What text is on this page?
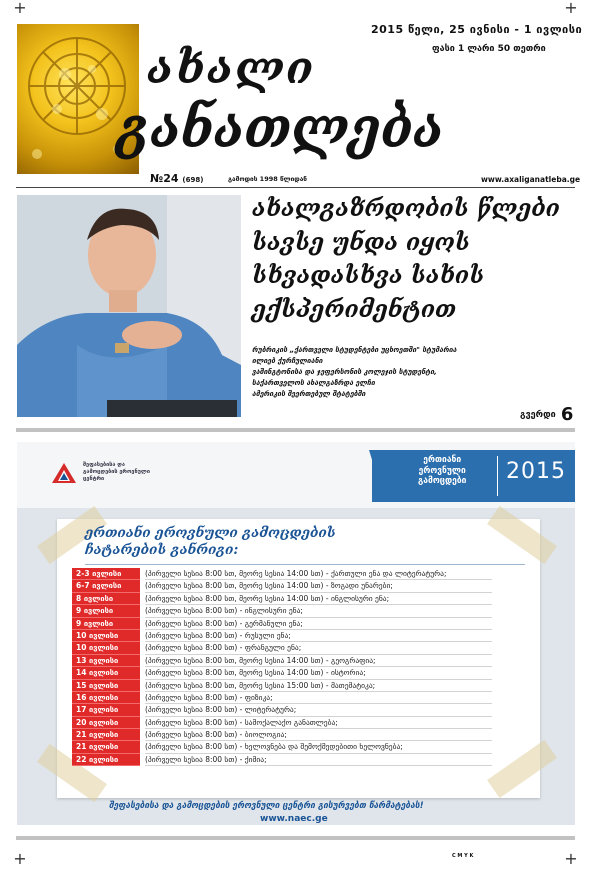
+	+
+	+
2015 წელი, 25 ივნისი - 1 ივლისი
ფასი 1 ლარი 50 თეთრი
ახალი
განათლება
№24 (698)	გამოდის 1998 წლიდან	www.axaliganatleba.ge
ახალგაზრდობის წლები
სავსე უნდა იყოს
სხვადასხვა სახის
ექსპერიმენტით
რუბრიკის „ქართველი სტუდენტები უცხოეთში" სტუმარია
ილიებ ქურჩულიანი
ვაშინგტონისა და ჯეფერსონის კოლეჯის სტუდენტი,
საქართველოს ახალგაზრდა ელჩი
ამერიკის შეერთებულ შტატებში
გვერდი 6
შეფასებისა და
გამოცდების ეროვნული
ცენტრი
ერთიანი
ეროვნული
გამოცდები 2015
ერთიანი ეროვნული გამოცდების
ჩატარების განრიგი:
2-3 ივლისი	(პირველი სესია 8:00 სთ, მეორე სესია 14:00 სთ) - ქართული ენა და ლიტერატურა;
6-7 ივლისი	(პირველი სესია 8:00 სთ, მეორე სესია 14:00 სთ) - ზოგადი უნარები;
8 ივლისი	(პირველი სესია 8:00 სთ, მეორე სესია 14:00 სთ) - ინგლისური ენა;
9 ივლისი	(პირველი სესია 8:00 სთ) - ინგლისური ენა;
9 ივლისი	(პირველი სესია 8:00 სთ) - გერმანული ენა;
10 ივლისი	(პირველი სესია 8:00 სთ) - რუსული ენა;
10 ივლისი	(პირველი სესია 8:00 სთ) - ფრანგული ენა;
13 ივლისი	(პირველი სესია 8:00 სთ, მეორე სესია 14:00 სთ) - გეოგრაფია;
14 ივლისი	(პირველი სესია 8:00 სთ, მეორე სესია 14:00 სთ) - ისტორია;
15 ივლისი	(პირველი სესია 8:00 სთ, მეორე სესია 15:00 სთ) - მათემატიკა;
16 ივლისი	(პირველი სესია 8:00 სთ) - ფიზიკა;
17 ივლისი	(პირველი სესია 8:00 სთ) - ლიტერატურა;
20 ივლისი	(პირველი სესია 8:00 სთ) - სამოქალაქო განათლება;
21 ივლისი	(პირველი სესია 8:00 სთ) - ბიოლოგია;
21 ივლისი	(პირველი სესია 8:00 სთ) - ხელოვნება და შემოქმედებითი ხელოვნება;
22 ივლისი	(პირველი სესია 8:00 სთ) - ქიმია;
შეფასებისა და გამოცდების ეროვნული ცენტრი გისურვებთ წარმატებას!
www.naec.ge
C M Y K
